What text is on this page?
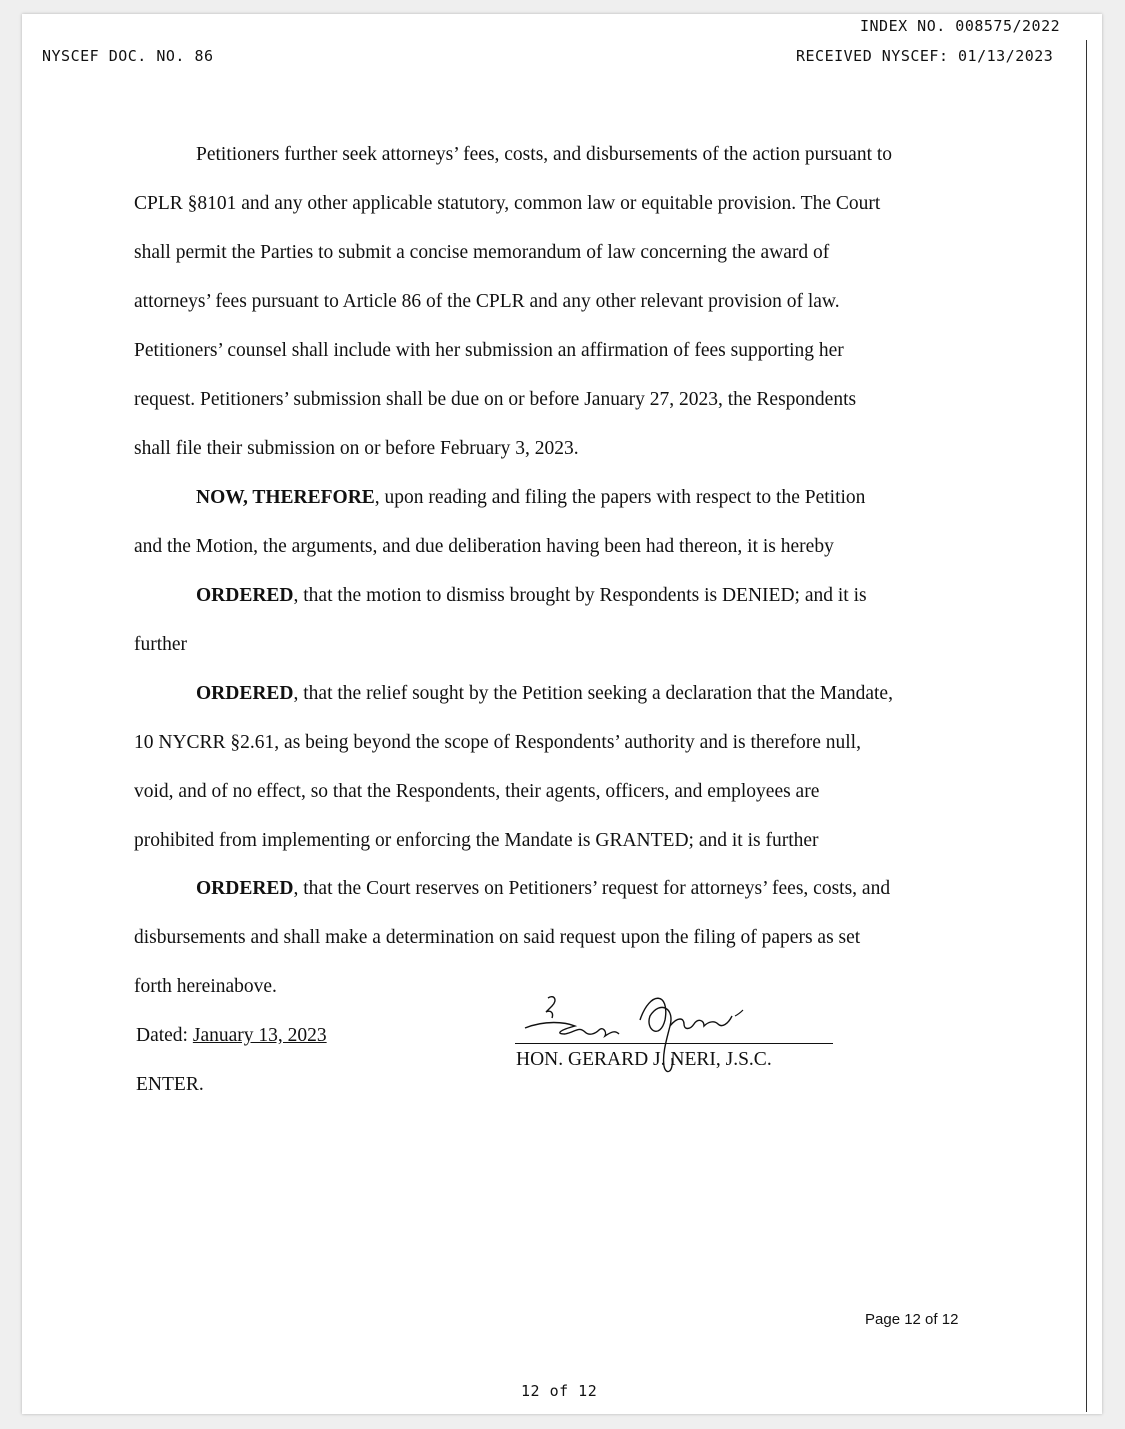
INDEX NO. 008575/2022
NYSCEF DOC. NO. 86	RECEIVED NYSCEF: 01/13/2023
Petitioners further seek attorneys’ fees, costs, and disbursements of the action pursuant to
CPLR §8101 and any other applicable statutory, common law or equitable provision. The Court
shall permit the Parties to submit a concise memorandum of law concerning the award of
attorneys’ fees pursuant to Article 86 of the CPLR and any other relevant provision of law.
Petitioners’ counsel shall include with her submission an affirmation of fees supporting her
request. Petitioners’ submission shall be due on or before January 27, 2023, the Respondents
shall file their submission on or before February 3, 2023.
NOW, THEREFORE, upon reading and filing the papers with respect to the Petition
and the Motion, the arguments, and due deliberation having been had thereon, it is hereby
ORDERED, that the motion to dismiss brought by Respondents is DENIED; and it is
further
ORDERED, that the relief sought by the Petition seeking a declaration that the Mandate,
10 NYCRR §2.61, as being beyond the scope of Respondents’ authority and is therefore null,
void, and of no effect, so that the Respondents, their agents, officers, and employees are
prohibited from implementing or enforcing the Mandate is GRANTED; and it is further
ORDERED, that the Court reserves on Petitioners’ request for attorneys’ fees, costs, and
disbursements and shall make a determination on said request upon the filing of papers as set
forth hereinabove.
Dated: January 13, 2023
ENTER.
HON. GERARD J. NERI, J.S.C.
Page 12 of 12
12 of 12
